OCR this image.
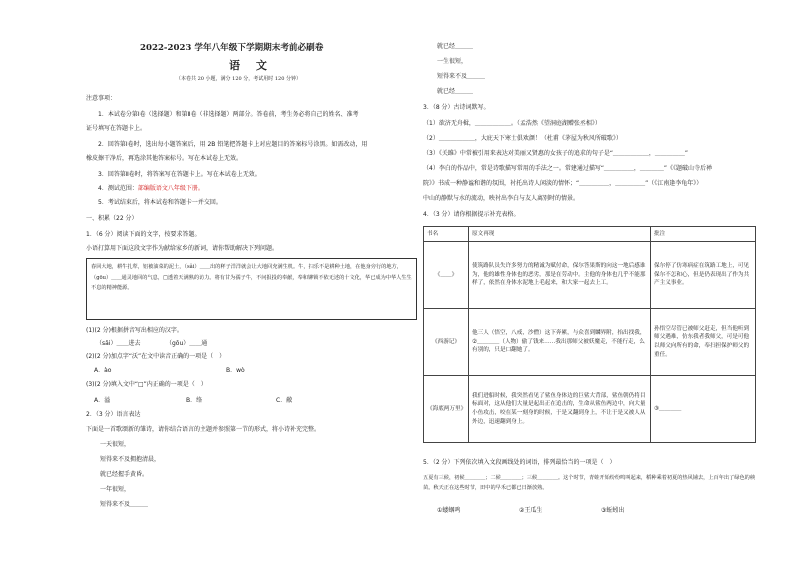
2022-2023 学年八年级下学期期末考前必刷卷
语 文
（本卷共 20 小题，满分 120 分，考试用时 120 分钟）
注意事项：
1．本试卷分第Ⅰ卷（选择题）和第Ⅱ卷（非选择题）两部分。答卷前，考生务必将自己的姓名、准考
证号填写在答题卡上。
2．回答第Ⅰ卷时，选出每小题答案后，用 2B 铅笔把答题卡上对应题目的答案标号涂黑。如需改动，用
橡皮擦干净后，再选涂其他答案标号。写在本试卷上无效。
3．回答第Ⅱ卷时，将答案写在答题卡上。写在本试卷上无效。
4．测试范围：部编版语文八年级下册。
5．考试结束后，将本试卷和答题卡一并交回。
一、积累（22 分）
1．（6 分）阅读下面的文字，按要求答题。
小语打算用下面这段文字作为献给家乡的新词，请你帮助解决下列问题。
春回大地，耕牛扎犁，铝被油菜的泥土，（sǎi）＿＿出的秤子洋洋就会让大地回充满生机。牛，扫乐不是耕种土地，在他身旁行的地方，（gōu）＿＿通灵地回的气息，□透着天满熟的访力。将有甘为孺子牛，不问报投的奉献，奉和铆锁不依无述的十文化，华已成为中华人生生不息的精神能源。
(1)(2 分)根据拼音写出相应的汉字。
（sǎi）＿＿进去	（gōu）＿＿通
(2)(2 分)加点字“沃”在文中读音正确的一项是（　）
A．ào	B．wò
(3)(2 分)填入文中“□”内正确的一项是（　）
A．溢	B．络	C．敝
2．（3 分）语言表达
下面是一首歌颂新的雏诗，请你结合语言的主题并参照第一节的形式，将小诗补充完整。
一天很短，
短得来不及拥抱清晨，
就已经握手黄昏。
一年很短，
短得来不及＿＿＿
就已经＿＿＿
一生很短，
短得来不及＿＿＿
就已经＿＿＿
3．（8 分）古诗词默写。
（1）欲济无舟楫，＿＿＿＿＿＿。（孟浩然《望洞庭湖赠张丞相》）
（2）＿＿＿＿＿＿，大庇天下寒士俱欢颜！（杜甫《茅屋为秋风所破歌》）
（3）《关雎》中常被引用来表达对美丽又贤惠的女孩子的追求的句子是“＿＿＿＿＿＿，＿＿＿＿＿”
（4）李白的作品中，常是诗歌描写常用的手法之一。常建通过描写“＿＿＿＿＿，＿＿＿＿”《《题破山寺后禅
院》》书成一种静谧和谐的氛围，衬托出诗人闲淡的情怀；“＿＿＿＿＿，＿＿＿＿＿”（《江南逢李龟年》）
中山的静默与水的流动，映衬出李白与友人离别时的情景。
4．（3 分）请你根据提示补充表格。
书名	原文再现	批注
《＿＿》	使筑路队员失许多努力的精诚为赋付命，保尔答果斯的向这一地后感谁为，他的雄性身体也的恶劣，那是在劳动中。主他的身体也几乎不能那样了，依然在身体水泥地上毛起来，和大家一起去上工。	保尔停了仿寒病症在筑路工地上，可见保尔不怎和心，但是仍表现出了作为共产主义事业。
《西游记》	他三人（悟空，八戒，沙僧）这下奔累，与众喜到麟界附，抬出找我，②＿＿＿＿（人物）偷了钱来……我出那师父被妖魔走，不能行走，么有别的，只是口翻她了。	孙悟空尽管已被师父赶走，但当他听到师父遇难，仿东我者我师父，可是可他以师父向所有的命，奉扫担保护师父的重任。
《海底两万里》	我们进船时候，我突然看见了鲨鱼身体边的巨鲨大背部，鲨鱼朝仍将目标面对，这从他们大量是起出正在追击的，生命从鲨鱼两边中，向大量小鱼攻击，咬在某一刻身的时候，于是又翻到身上，不让于是又被人从外边，迅速翻到身上。	③＿＿＿＿
5．（2 分）下列依次填入文段画线处的词语，排列最恰当的一项是（　）
五夏有三候，初候＿＿＿＿；二候＿＿＿＿；三候＿＿＿＿。这个时节，青蛙开始纷纷鸣叫起来，稻种乘着初夏的热风铺去，上百年出了绿色的秧苗。秋天正在这些时节，田中的早禾已都已日渐放熟。
①蝼蝈鸣	②王瓜生	③蚯蚓出
